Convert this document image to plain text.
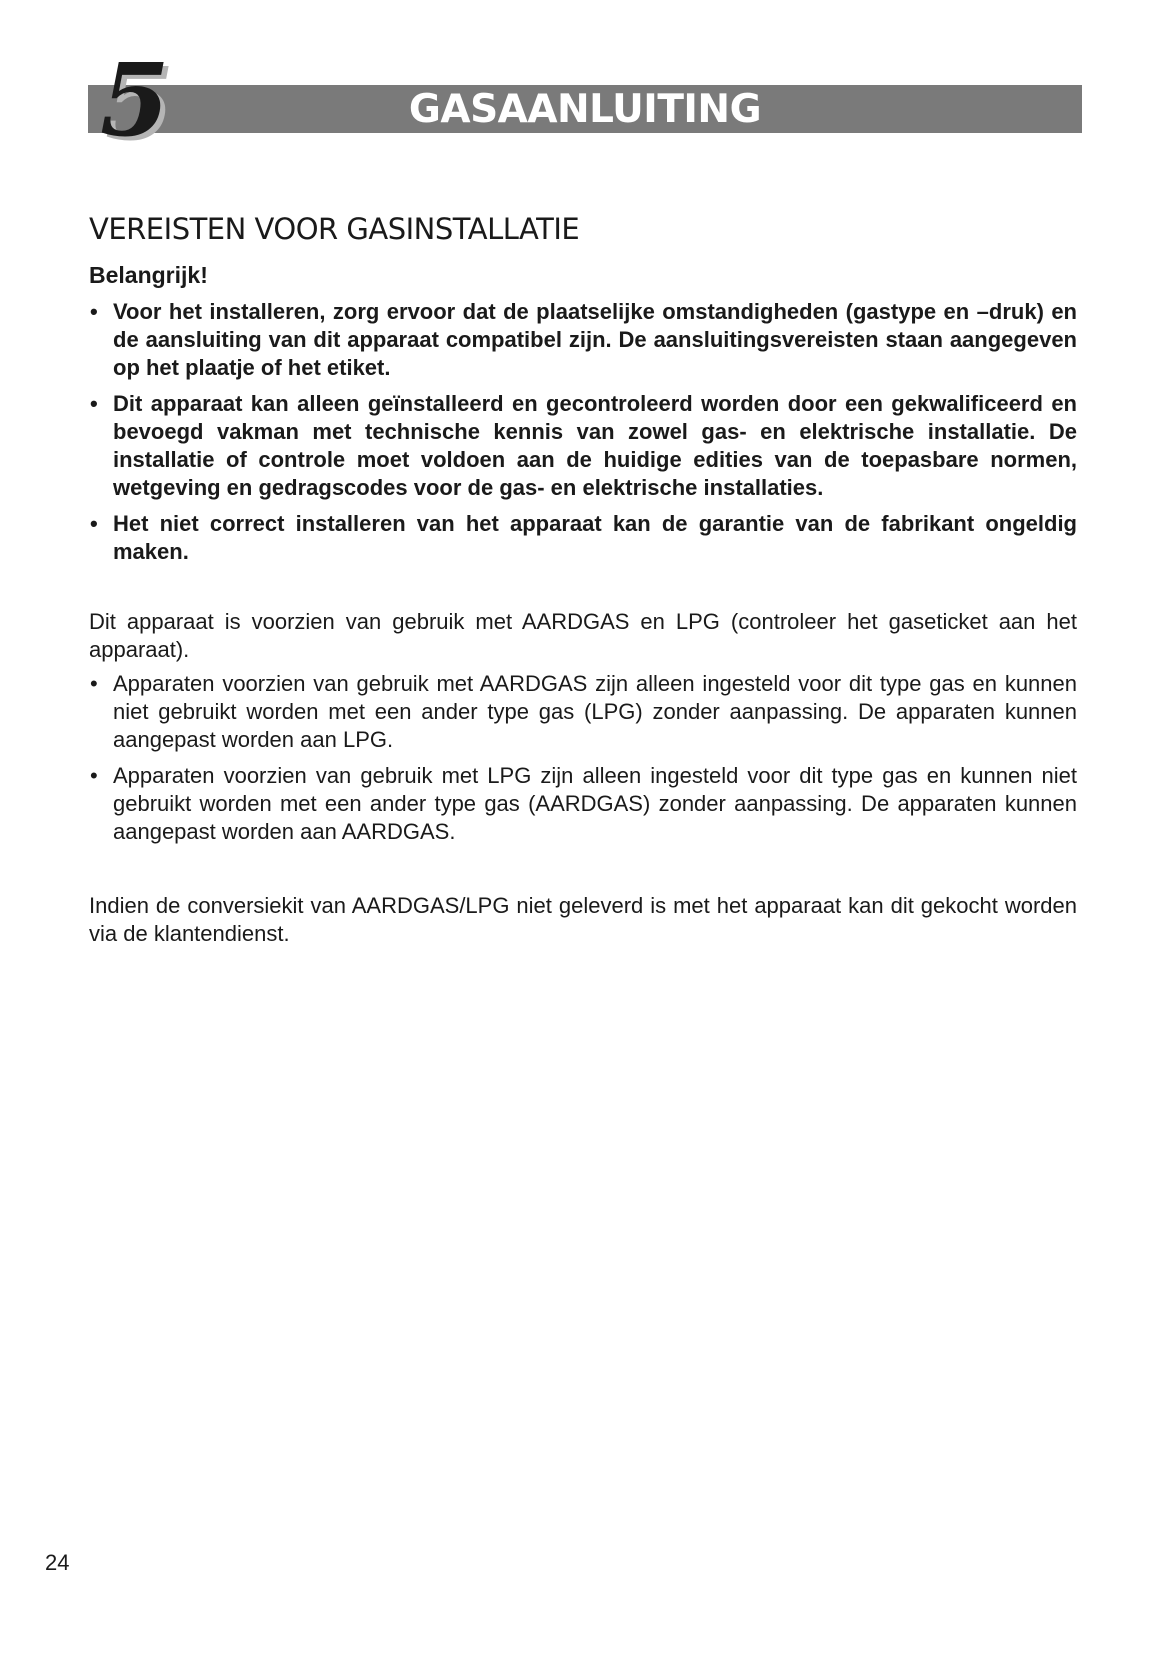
GASAANLUITING
5
VEREISTEN VOOR GASINSTALLATIE
Belangrijk!
• Voor het installeren, zorg ervoor dat de plaatselijke omstandigheden (gastype en –druk) en de aansluiting van dit apparaat compatibel zijn. De aansluitingsvereisten staan aangegeven op het plaatje of het etiket.
• Dit apparaat kan alleen geïnstalleerd en gecontroleerd worden door een gekwalificeerd en bevoegd vakman met technische kennis van zowel gas- en elektrische installatie. De installatie of controle moet voldoen aan de huidige edities van de toepasbare normen, wetgeving en gedragscodes voor de gas- en elektrische installaties.
• Het niet correct installeren van het apparaat kan de garantie van de fabrikant ongeldig maken.

Dit apparaat is voorzien van gebruik met AARDGAS en LPG (controleer het gaseticket aan het apparaat).

• Apparaten voorzien van gebruik met AARDGAS zijn alleen ingesteld voor dit type gas en kunnen niet gebruikt worden met een ander type gas (LPG) zonder aanpassing. De apparaten kunnen aangepast worden aan LPG.
• Apparaten voorzien van gebruik met LPG zijn alleen ingesteld voor dit type gas en kunnen niet gebruikt worden met een ander type gas (AARDGAS) zonder aanpassing. De apparaten kunnen aangepast worden aan AARDGAS.

Indien de conversiekit van AARDGAS/LPG niet geleverd is met het apparaat kan dit gekocht worden via de klantendienst.

24
